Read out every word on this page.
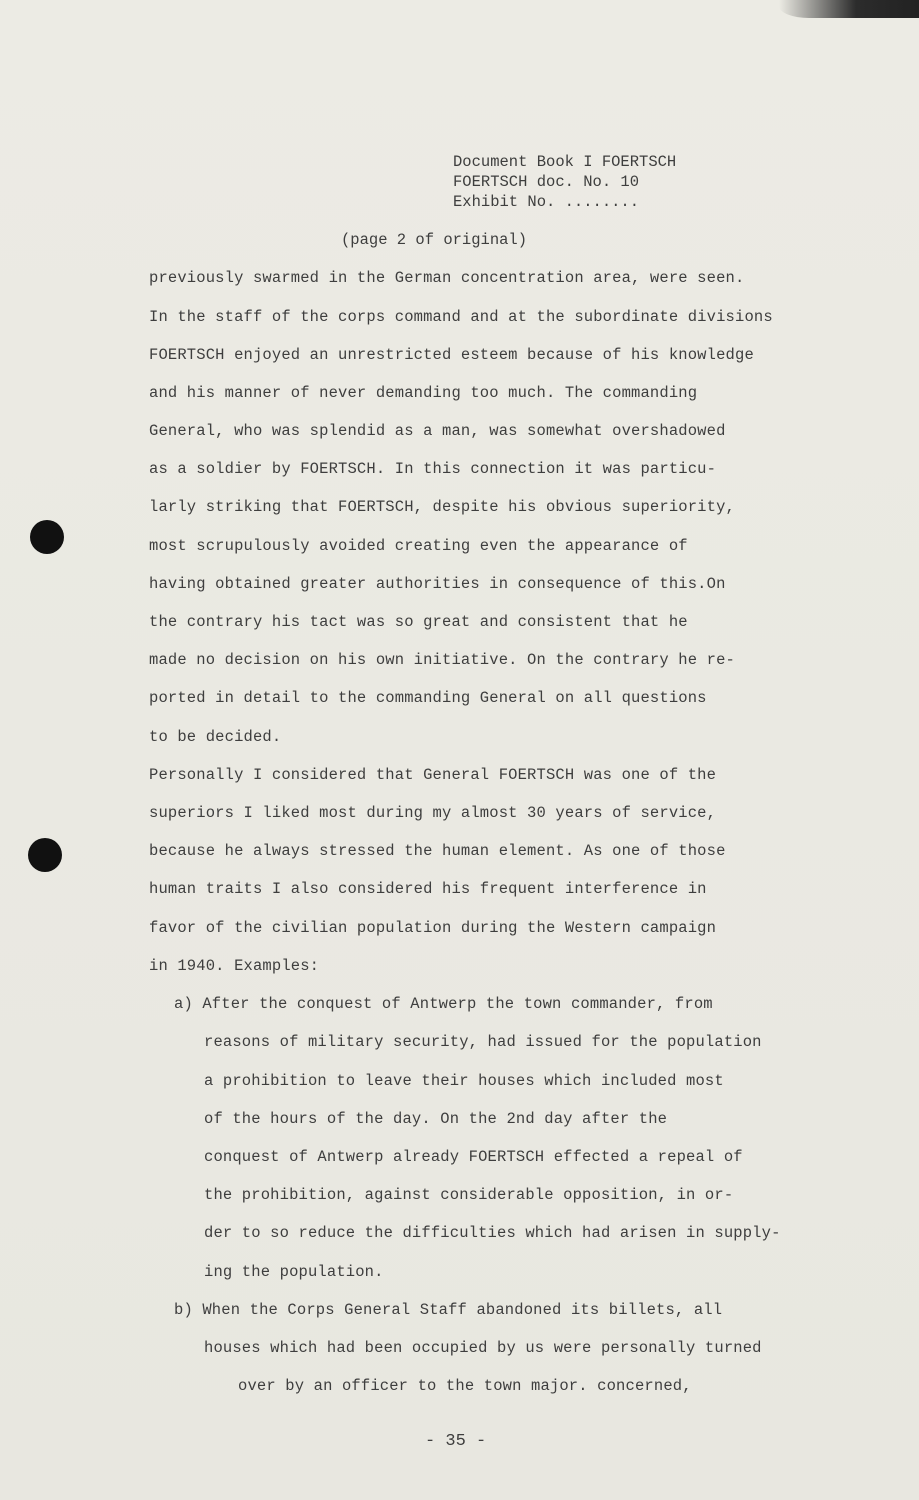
Document Book I FOERTSCH
FOERTSCH doc. No. 10
Exhibit No. ........
(page 2 of original)
previously swarmed in the German concentration area, were seen.
In the staff of the corps command and at the subordinate divisions
FOERTSCH enjoyed an unrestricted esteem because of his knowledge
and his manner of never demanding too much. The commanding
General, who was splendid as a man, was somewhat overshadowed
as a soldier by FOERTSCH. In this connection it was particu-
larly striking that FOERTSCH, despite his obvious superiority,
most scrupulously avoided creating even the appearance of
having obtained greater authorities in consequence of this.On
the contrary his tact was so great and consistent that he
made no decision on his own initiative. On the contrary he re-
ported in detail to the commanding General on all questions
to be decided.
Personally I considered that General FOERTSCH was one of the
superiors I liked most during my almost 30 years of service,
because he always stressed the human element. As one of those
human traits I also considered his frequent interference in
favor of the civilian population during the Western campaign
in 1940. Examples:
a) After the conquest of Antwerp the town commander, from
reasons of military security, had issued for the population
a prohibition to leave their houses which included most
of the hours of the day. On the 2nd day after the
conquest of Antwerp already FOERTSCH effected a repeal of
the prohibition, against considerable opposition, in or-
der to so reduce the difficulties which had arisen in supply-
ing the population.
b) When the Corps General Staff abandoned its billets, all
houses which had been occupied by us were personally turned
over by an officer to the town major. concerned,
- 35 -
